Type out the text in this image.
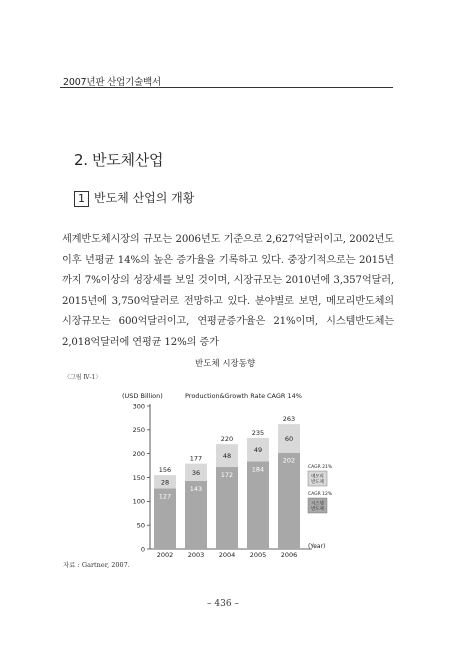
2007년판 산업기술백서
2. 반도체산업
1 반도체 산업의 개황
세계반도체시장의 규모는 2006년도 기준으로 2,627억달러이고, 2002년도 이후 년평균 14%의 높은 증가율을 기록하고 있다. 중장기적으로는 2015년까지 7%이상의 성장세를 보일 것이며, 시장규모는 2010년에 3,357억달러, 2015년에 3,750억달러로 전망하고 있다. 분야별로 보면, 메모리반도체의 시장규모는 600억달러이고, 연평균증가율은 21%이며, 시스템반도체는 2,018억달러에 연평균 12%의 증가
반도체 시장동향
〈그림 Ⅳ-1〉
(USD Billion)	Production&Growth Rate CAGR 14%
0
50
100
150
200
250
300
127
28
156
2002
143
36
177
2003
172
48
220
2004
184
49
235
2005
202
60
263
2006
(Year)
CAGR 21%
메모리
반도체
CAGR 12%
시스템
반도체
자료 : Gartner, 2007.
– 436 –
